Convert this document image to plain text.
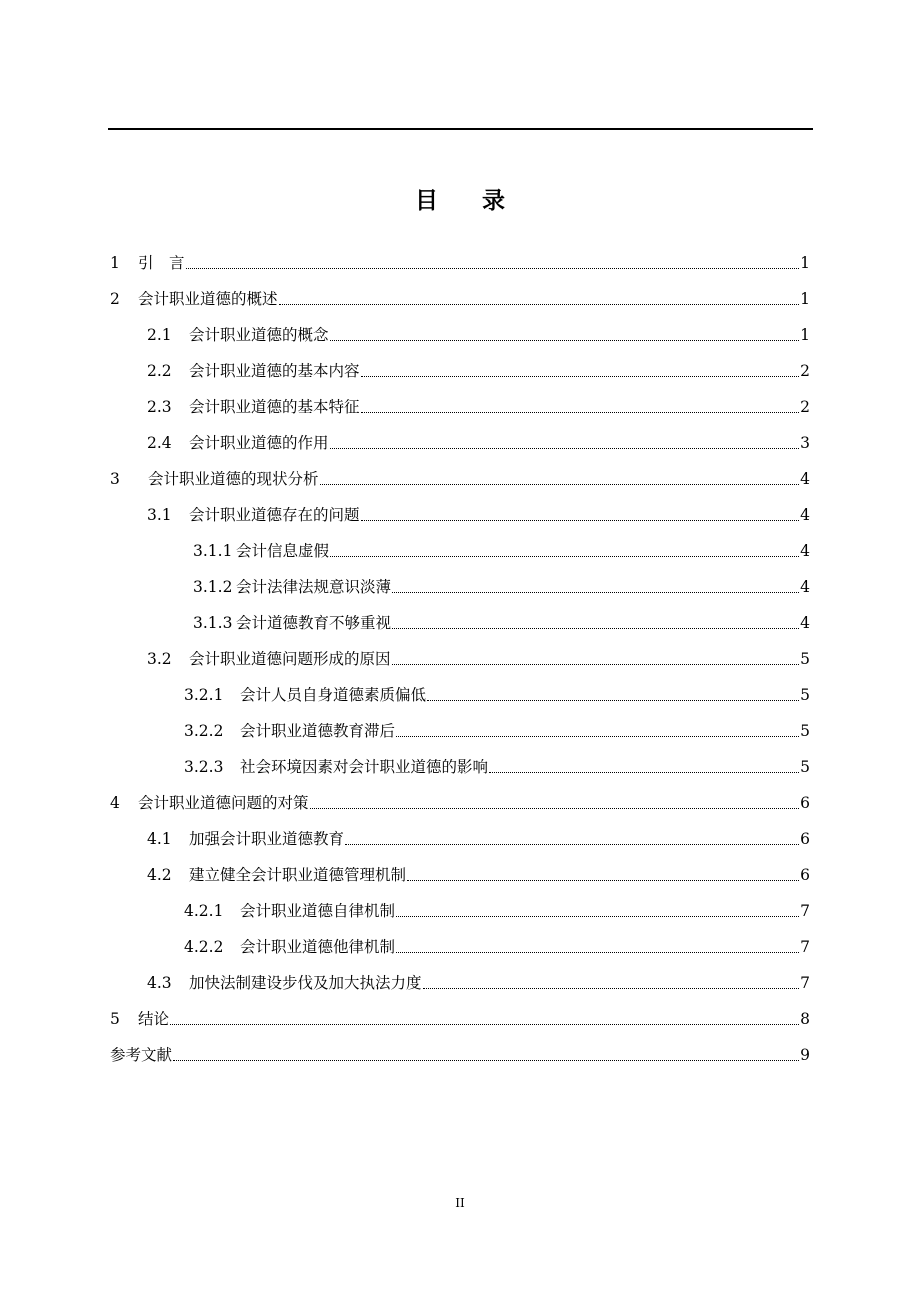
目 录
1	引　言	1
2	会计职业道德的概述	1
2.1	会计职业道德的概念	1
2.2	会计职业道德的基本内容	2
2.3	会计职业道德的基本特征	2
2.4	会计职业道德的作用	3
3	会计职业道德的现状分析	4
3.1	会计职业道德存在的问题	4
3.1.1 会计信息虚假	4
3.1.2 会计法律法规意识淡薄	4
3.1.3 会计道德教育不够重视	4
3.2	会计职业道德问题形成的原因	5
3.2.1	会计人员自身道德素质偏低	5
3.2.2	会计职业道德教育滞后	5
3.2.3	社会环境因素对会计职业道德的影响	5
4	会计职业道德问题的对策	6
4.1	加强会计职业道德教育	6
4.2	建立健全会计职业道德管理机制	6
4.2.1	会计职业道德自律机制	7
4.2.2	会计职业道德他律机制	7
4.3	加快法制建设步伐及加大执法力度	7
5	结论	8
参考文献	9
II
